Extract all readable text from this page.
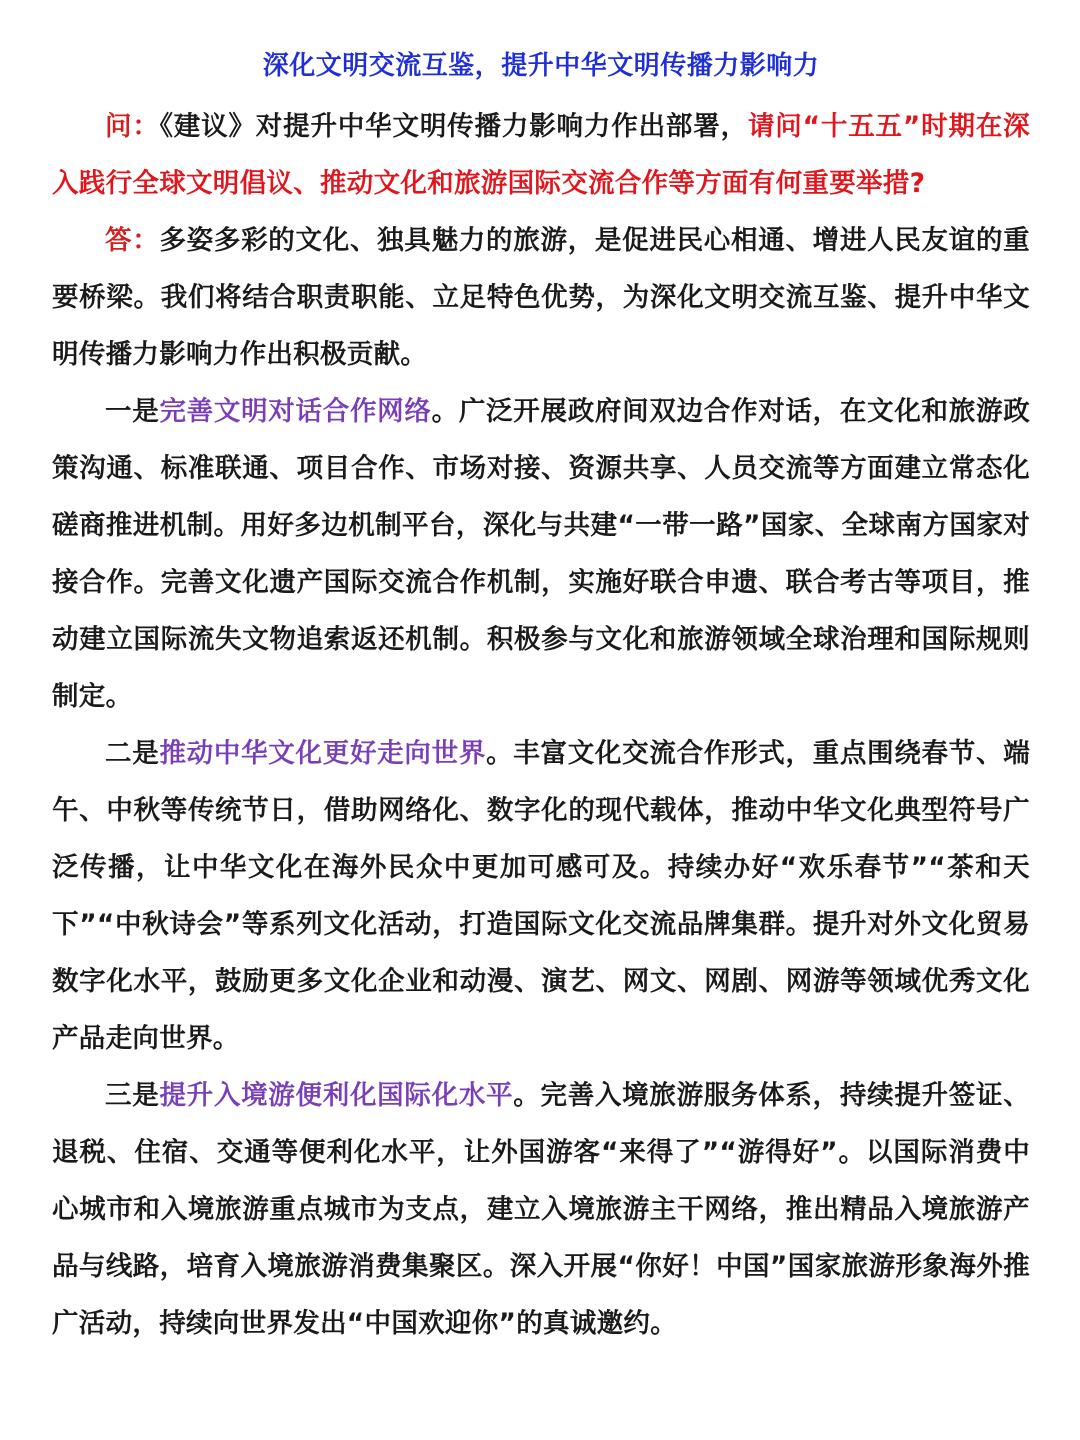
深化文明交流互鉴，提升中华文明传播力影响力

问：《建议》对提升中华文明传播力影响力作出部署，请问“十五五”时期在深入践行全球文明倡议、推动文化和旅游国际交流合作等方面有何重要举措?

答：多姿多彩的文化、独具魅力的旅游，是促进民心相通、增进人民友谊的重要桥梁。我们将结合职责职能、立足特色优势，为深化文明交流互鉴、提升中华文明传播力影响力作出积极贡献。

一是完善文明对话合作网络。广泛开展政府间双边合作对话，在文化和旅游政策沟通、标准联通、项目合作、市场对接、资源共享、人员交流等方面建立常态化磋商推进机制。用好多边机制平台，深化与共建“一带一路”国家、全球南方国家对接合作。完善文化遗产国际交流合作机制，实施好联合申遗、联合考古等项目，推动建立国际流失文物追索返还机制。积极参与文化和旅游领域全球治理和国际规则制定。

二是推动中华文化更好走向世界。丰富文化交流合作形式，重点围绕春节、端午、中秋等传统节日，借助网络化、数字化的现代载体，推动中华文化典型符号广泛传播，让中华文化在海外民众中更加可感可及。持续办好“欢乐春节”“茶和天下”“中秋诗会”等系列文化活动，打造国际文化交流品牌集群。提升对外文化贸易数字化水平，鼓励更多文化企业和动漫、演艺、网文、网剧、网游等领域优秀文化产品走向世界。

三是提升入境游便利化国际化水平。完善入境旅游服务体系，持续提升签证、退税、住宿、交通等便利化水平，让外国游客“来得了”“游得好”。以国际消费中心城市和入境旅游重点城市为支点，建立入境旅游主干网络，推出精品入境旅游产品与线路，培育入境旅游消费集聚区。深入开展“你好！中国”国家旅游形象海外推广活动，持续向世界发出“中国欢迎你”的真诚邀约。
